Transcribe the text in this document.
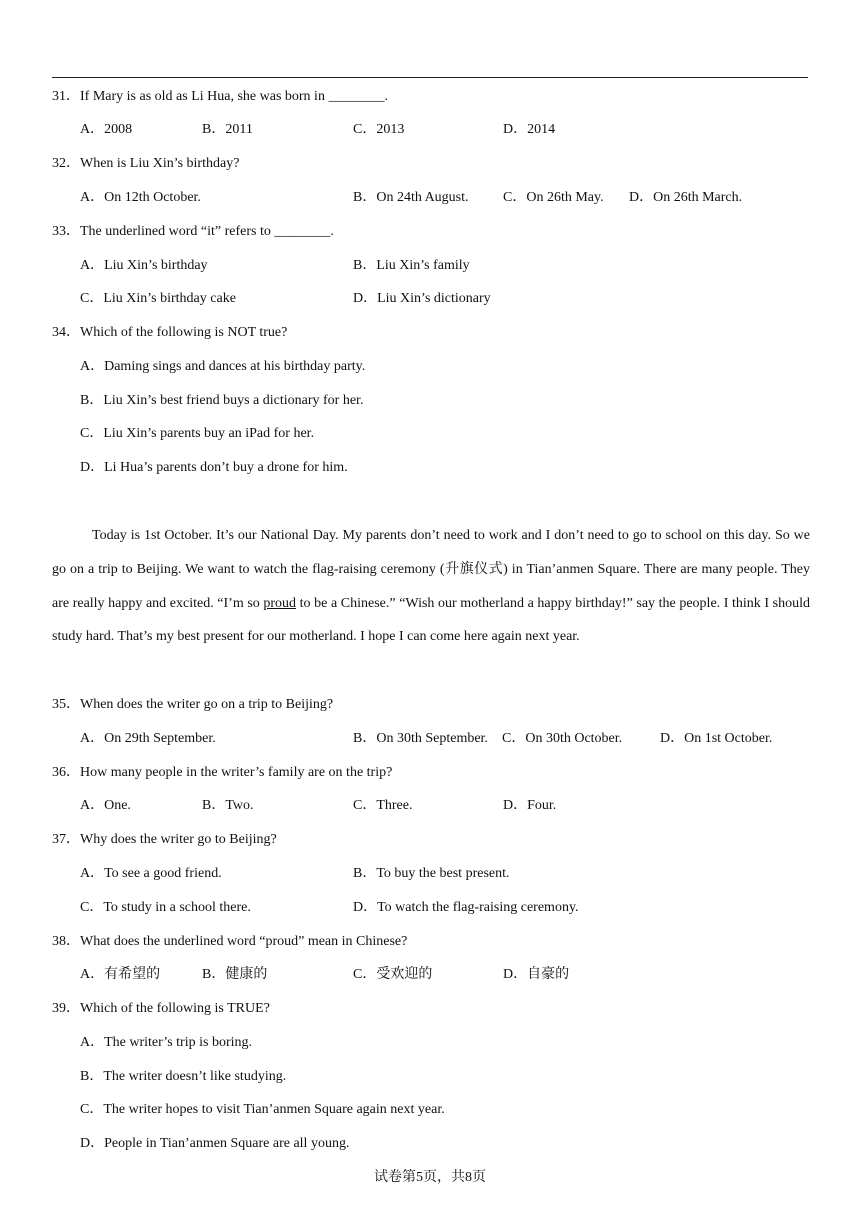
31．If Mary is as old as Li Hua, she was born in ________.
A．2008	B．2011	C．2013	D．2014
32．When is Liu Xin’s birthday?
A．On 12th October.	B．On 24th August. C．On 26th May. D．On 26th March.
33．The underlined word “it” refers to ________.
A．Liu Xin’s birthday	B．Liu Xin’s family
C．Liu Xin’s birthday cake	D．Liu Xin’s dictionary
34．Which of the following is NOT true?
A．Daming sings and dances at his birthday party.
B．Liu Xin’s best friend buys a dictionary for her.
C．Liu Xin’s parents buy an iPad for her.
D．Li Hua’s parents don’t buy a drone for him.
Today is 1st October. It’s our National Day. My parents don’t need to work and I don’t need to go to school on this day. So we go on a trip to Beijing. We want to watch the flag-raising ceremony (升旗仪式) in Tian’anmen Square. There are many people. They are really happy and excited. “I’m so proud to be a Chinese.” “Wish our motherland a happy birthday!” say the people. I think I should study hard. That’s my best present for our motherland. I hope I can come here again next year.
35．When does the writer go on a trip to Beijing?
A．On 29th September.	B．On 30th September. C．On 30th October.	D．On 1st October.
36．How many people in the writer’s family are on the trip?
A．One.	B．Two.	C．Three.	D．Four.
37．Why does the writer go to Beijing?
A．To see a good friend.	B．To buy the best present.
C．To study in a school there.	D．To watch the flag-raising ceremony.
38．What does the underlined word “proud” mean in Chinese?
A．有希望的	B．健康的	C．受欢迎的	D．自豪的
39．Which of the following is TRUE?
A．The writer’s trip is boring.
B．The writer doesn’t like studying.
C．The writer hopes to visit Tian’anmen Square again next year.
D．People in Tian’anmen Square are all young.
试卷第5页，共8页
